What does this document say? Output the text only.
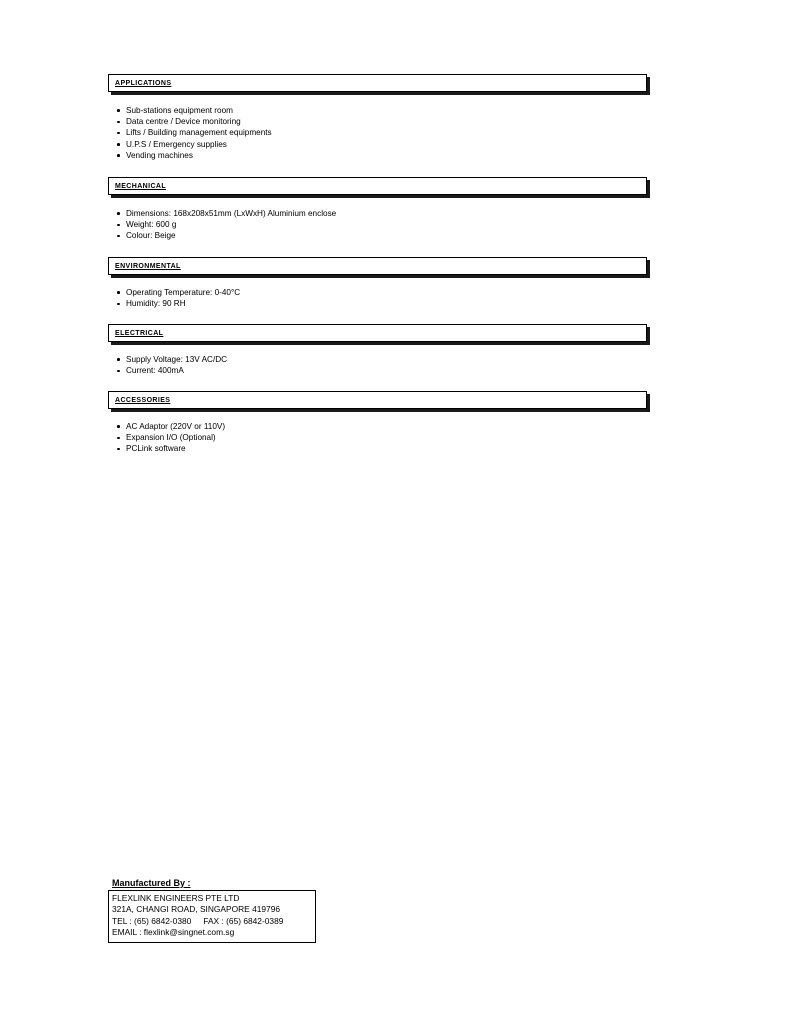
applications
Sub-stations equipment room
Data centre / Device monitoring
Lifts / Building management equipments
U.P.S / Emergency supplies
Vending machines
mechanical
Dimensions: 168x208x51mm (LxWxH) Aluminium enclose
Weight: 600 g
Colour: Beige
environmental
Operating Temperature: 0-40°C
Humidity: 90 RH
electrical
Supply Voltage: 13V AC/DC
Current: 400mA
accessories
AC Adaptor (220V or 110V)
Expansion I/O (Optional)
PCLink software
Manufactured By :
FLEXLINK ENGINEERS PTE LTD
321A, CHANGI ROAD, SINGAPORE 419796
TEL : (65) 6842-0380 FAX : (65) 6842-0389
EMAIL : flexlink@singnet.com.sg
